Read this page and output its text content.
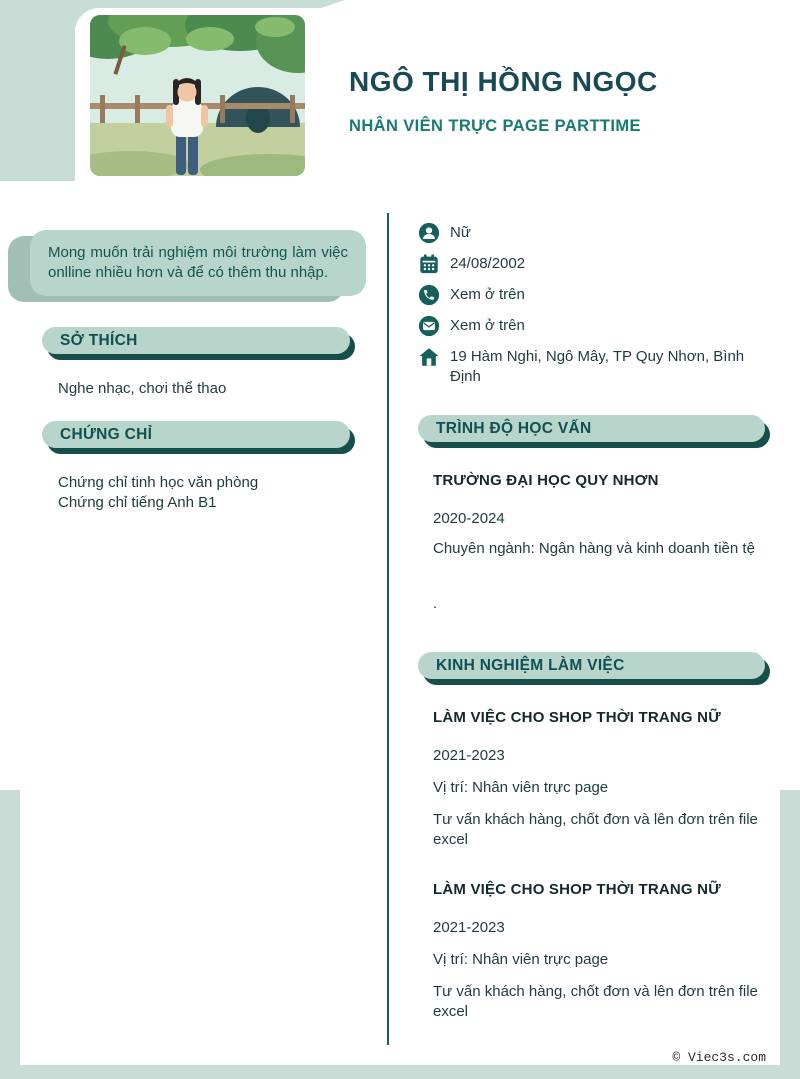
NGÔ THỊ HỒNG NGỌC
NHÂN VIÊN TRỰC PAGE PARTTIME

Mong muốn trải nghiệm môi trường làm việc onlline nhiều hơn và để có thêm thu nhập.

SỞ THÍCH

Nghe nhạc, chơi thể thao

CHỨNG CHỈ
Chứng chỉ tinh học văn phòng
Chứng chỉ tiếng Anh B1
Nữ
24/08/2002
Xem ở trên
Xem ở trên
19 Hàm Nghi, Ngô Mây, TP Quy Nhơn, Bình Định
TRÌNH ĐỘ HỌC VẤN

TRƯỜNG ĐẠI HỌC QUY NHƠN

2020-2024

Chuyên ngành: Ngân hàng và kinh doanh tiền tệ

.

KINH NGHIỆM LÀM VIỆC

LÀM VIỆC CHO SHOP THỜI TRANG NỮ

2021-2023

Vị trí: Nhân viên trực page

Tư vấn khách hàng, chốt đơn và lên đơn trên file excel

LÀM VIỆC CHO SHOP THỜI TRANG NỮ

2021-2023

Vị trí: Nhân viên trực page

Tư vấn khách hàng, chốt đơn và lên đơn trên file excel

© Viec3s.com
